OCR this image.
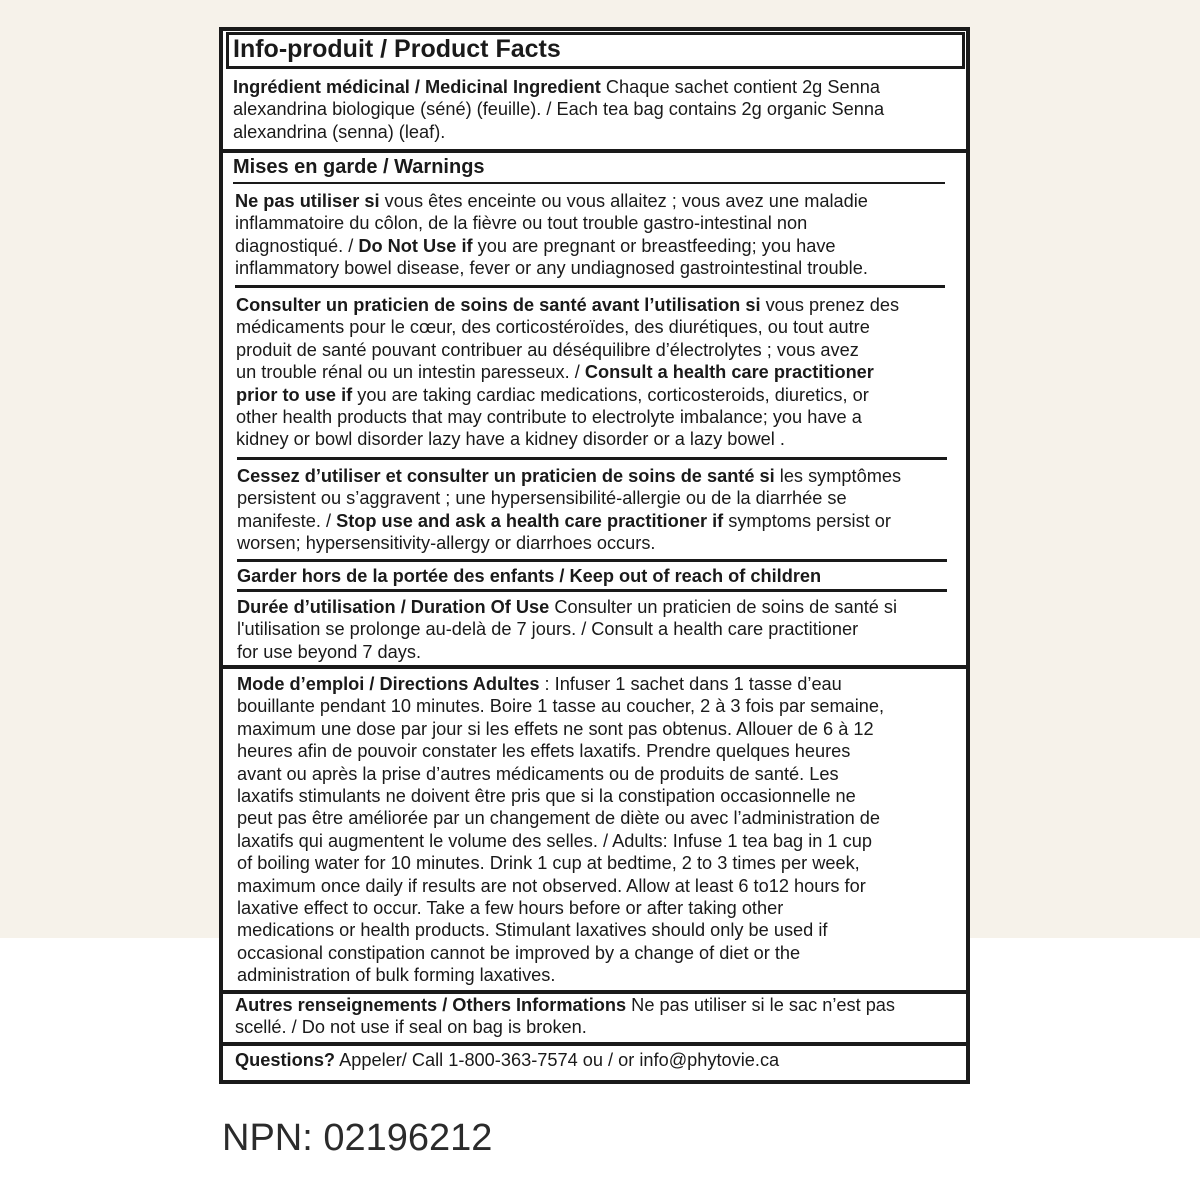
Info-produit / Product Facts
Ingrédient médicinal / Medicinal Ingredient Chaque sachet contient 2g Senna
alexandrina biologique (séné) (feuille). / Each tea bag contains 2g organic Senna
alexandrina (senna) (leaf).
Mises en garde / Warnings
Ne pas utiliser si vous êtes enceinte ou vous allaitez ; vous avez une maladie
inflammatoire du côlon, de la fièvre ou tout trouble gastro-intestinal non
diagnostiqué. / Do Not Use if you are pregnant or breastfeeding; you have
inflammatory bowel disease, fever or any undiagnosed gastrointestinal trouble.
Consulter un praticien de soins de santé avant l’utilisation si vous prenez des
médicaments pour le cœur, des corticostéroïdes, des diurétiques, ou tout autre
produit de santé pouvant contribuer au déséquilibre d’électrolytes ; vous avez
un trouble rénal ou un intestin paresseux. / Consult a health care practitioner
prior to use if you are taking cardiac medications, corticosteroids, diuretics, or
other health products that may contribute to electrolyte imbalance; you have a
kidney or bowl disorder lazy have a kidney disorder or a lazy bowel .
Cessez d’utiliser et consulter un praticien de soins de santé si les symptômes
persistent ou s’aggravent ; une hypersensibilité-allergie ou de la diarrhée se
manifeste. / Stop use and ask a health care practitioner if symptoms persist or
worsen; hypersensitivity-allergy or diarrhoes occurs.
Garder hors de la portée des enfants / Keep out of reach of children
Durée d’utilisation / Duration Of Use Consulter un praticien de soins de santé si
l'utilisation se prolonge au-delà de 7 jours. / Consult a health care practitioner
for use beyond 7 days.
Mode d’emploi / Directions Adultes : Infuser 1 sachet dans 1 tasse d’eau
bouillante pendant 10 minutes. Boire 1 tasse au coucher, 2 à 3 fois par semaine,
maximum une dose par jour si les effets ne sont pas obtenus. Allouer de 6 à 12
heures afin de pouvoir constater les effets laxatifs. Prendre quelques heures
avant ou après la prise d’autres médicaments ou de produits de santé. Les
laxatifs stimulants ne doivent être pris que si la constipation occasionnelle ne
peut pas être améliorée par un changement de diète ou avec l’administration de
laxatifs qui augmentent le volume des selles. / Adults: Infuse 1 tea bag in 1 cup
of boiling water for 10 minutes. Drink 1 cup at bedtime, 2 to 3 times per week,
maximum once daily if results are not observed. Allow at least 6 to12 hours for
laxative effect to occur. Take a few hours before or after taking other
medications or health products. Stimulant laxatives should only be used if
occasional constipation cannot be improved by a change of diet or the
administration of bulk forming laxatives.
Autres renseignements / Others Informations Ne pas utiliser si le sac n’est pas
scellé. / Do not use if seal on bag is broken.
Questions? Appeler/ Call 1-800-363-7574 ou / or info@phytovie.ca
NPN: 02196212
